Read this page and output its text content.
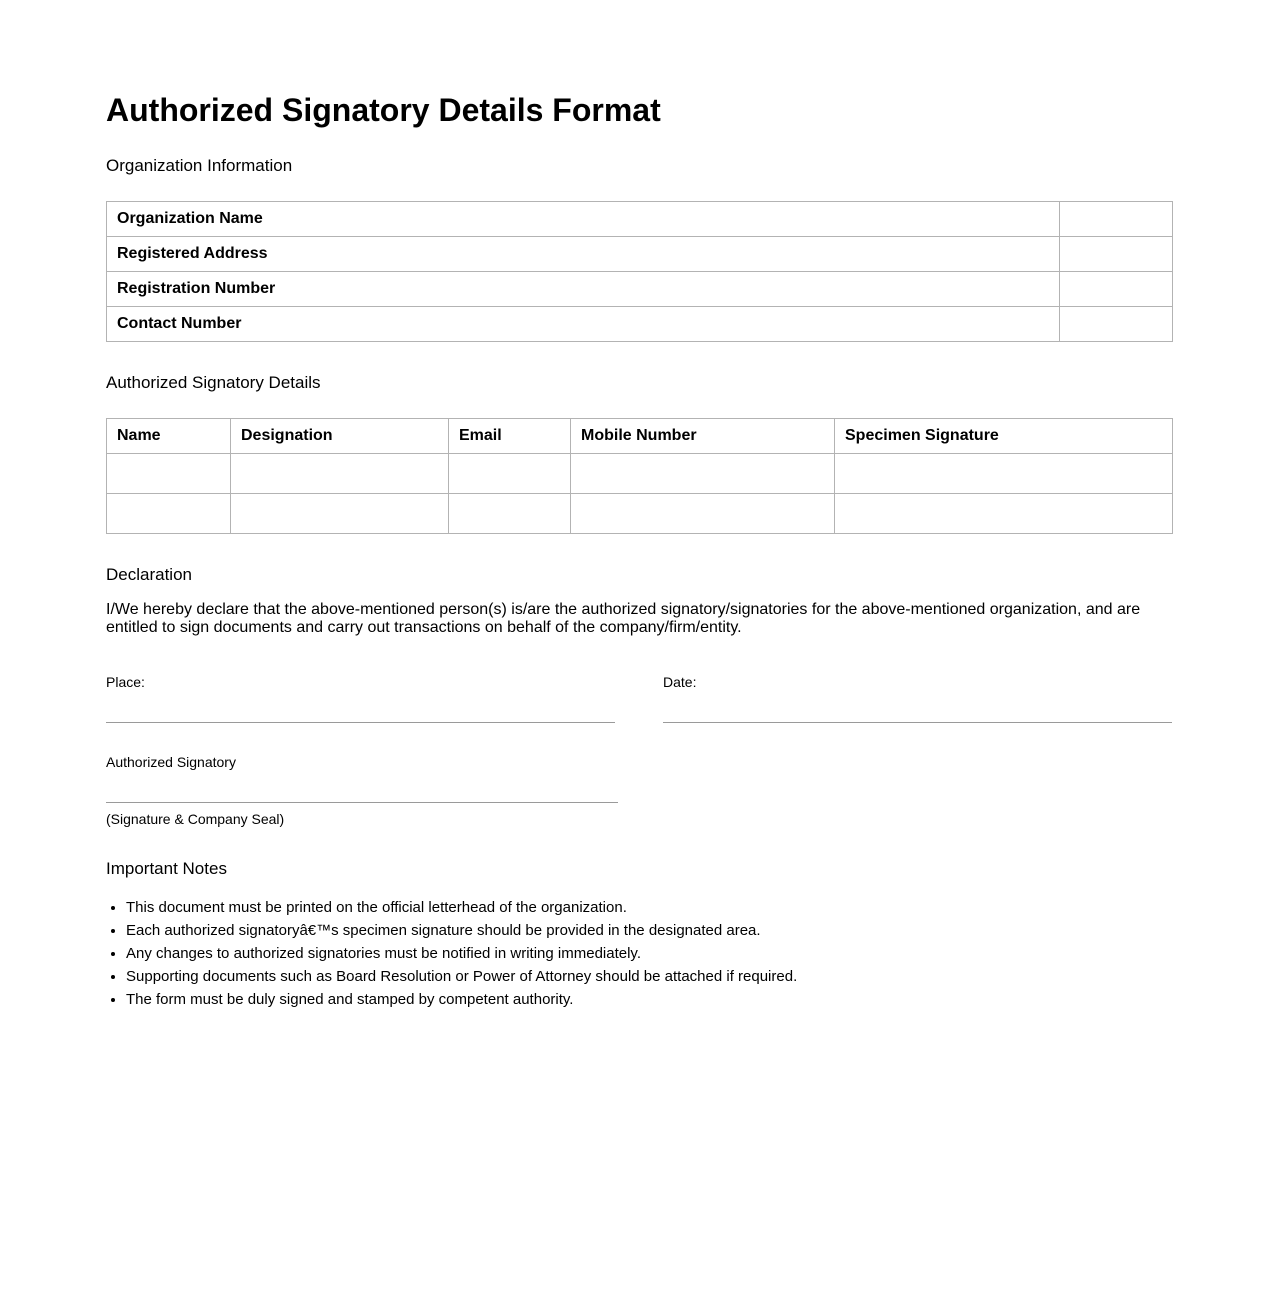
Authorized Signatory Details Format
Organization Information
Organization Name	
Registered Address	
Registration Number	
Contact Number	
Authorized Signatory Details
Name	Designation	Email	Mobile Number	Specimen Signature

Declaration

I/We hereby declare that the above-mentioned person(s) is/are the authorized signatory/signatories for the above-mentioned organization, and are entitled to sign documents and carry out transactions on behalf of the company/firm/entity.

Place:	Date:
Authorized Signatory
(Signature & Company Seal)
Important Notes
• This document must be printed on the official letterhead of the organization.
• Each authorized signatoryâ€™s specimen signature should be provided in the designated area.
• Any changes to authorized signatories must be notified in writing immediately.
• Supporting documents such as Board Resolution or Power of Attorney should be attached if required.
• The form must be duly signed and stamped by competent authority.
